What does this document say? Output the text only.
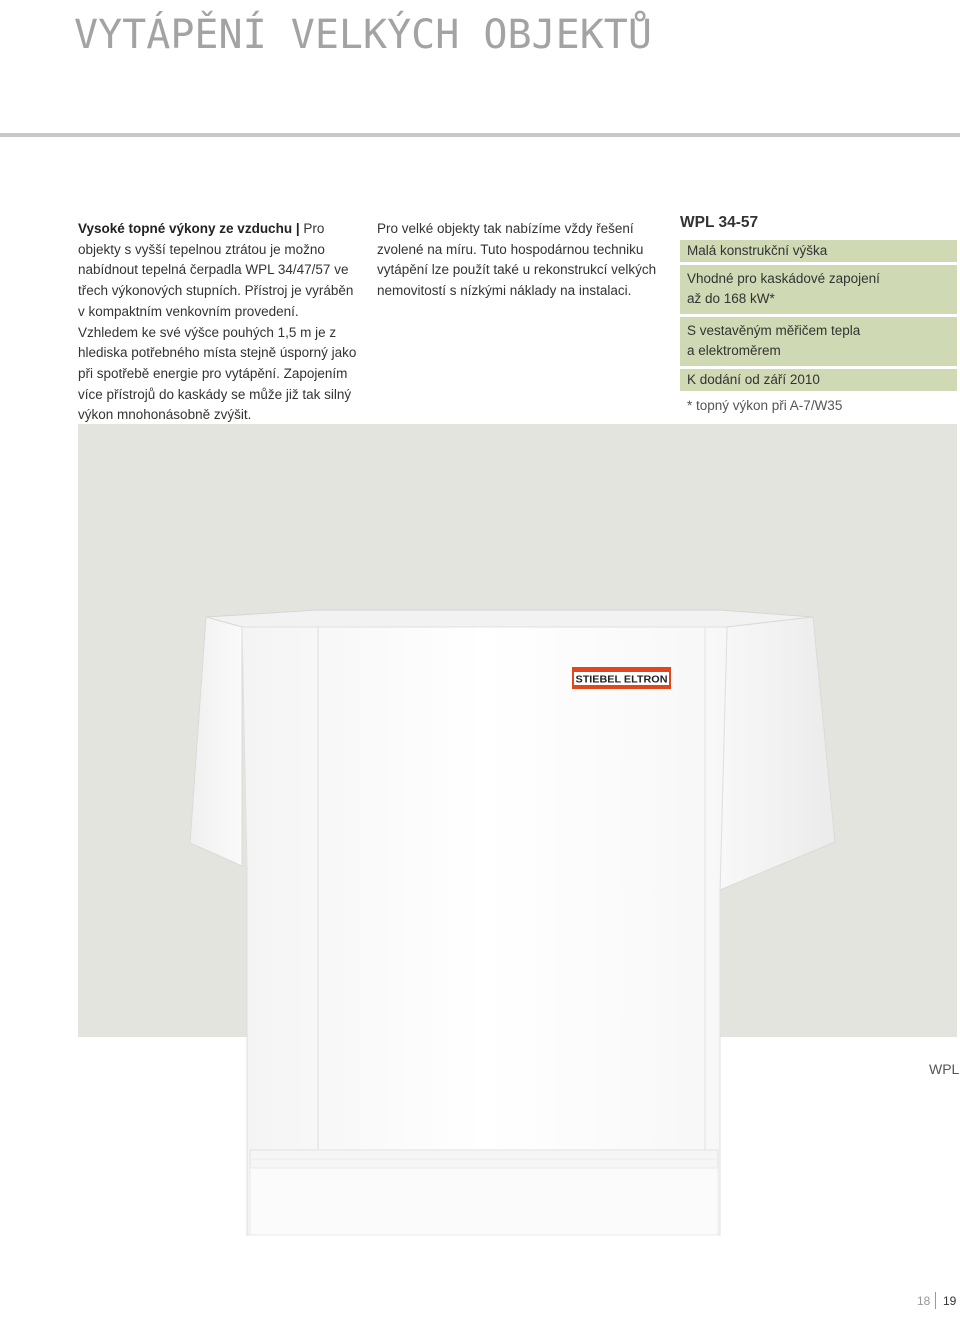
VYTÁPĚNÍ VELKÝCH OBJEKTŮ
Vysoké topné výkony ze vzduchu | Pro objekty s vyšší tepelnou ztrátou je možno nabídnout tepelná čerpadla WPL 34/47/57 ve třech výkonových stupních. Přístroj je vyráběn v kompaktním venkovním provedení. Vzhledem ke své výšce pouhých 1,5 m je z hlediska potřebného místa stejně úsporný jako při spotřebě energie pro vytápění. Zapojením více přístrojů do kaskády se může již tak silný výkon mnohonásobně zvýšit.
Pro velké objekty tak nabízíme vždy řešení zvolené na míru. Tuto hospodárnou techniku vytápění lze použít také u rekonstrukcí velkých nemovitostí s nízkými náklady na instalaci.
WPL 34-57
Malá konstrukční výška
Vhodné pro kaskádové zapojení
až do 168 kW*
S vestavěným měřičem tepla
a elektroměrem
K dodání od září 2010
* topný výkon při A-7/W35
STIEBEL ELTRON
WPL
18 19
